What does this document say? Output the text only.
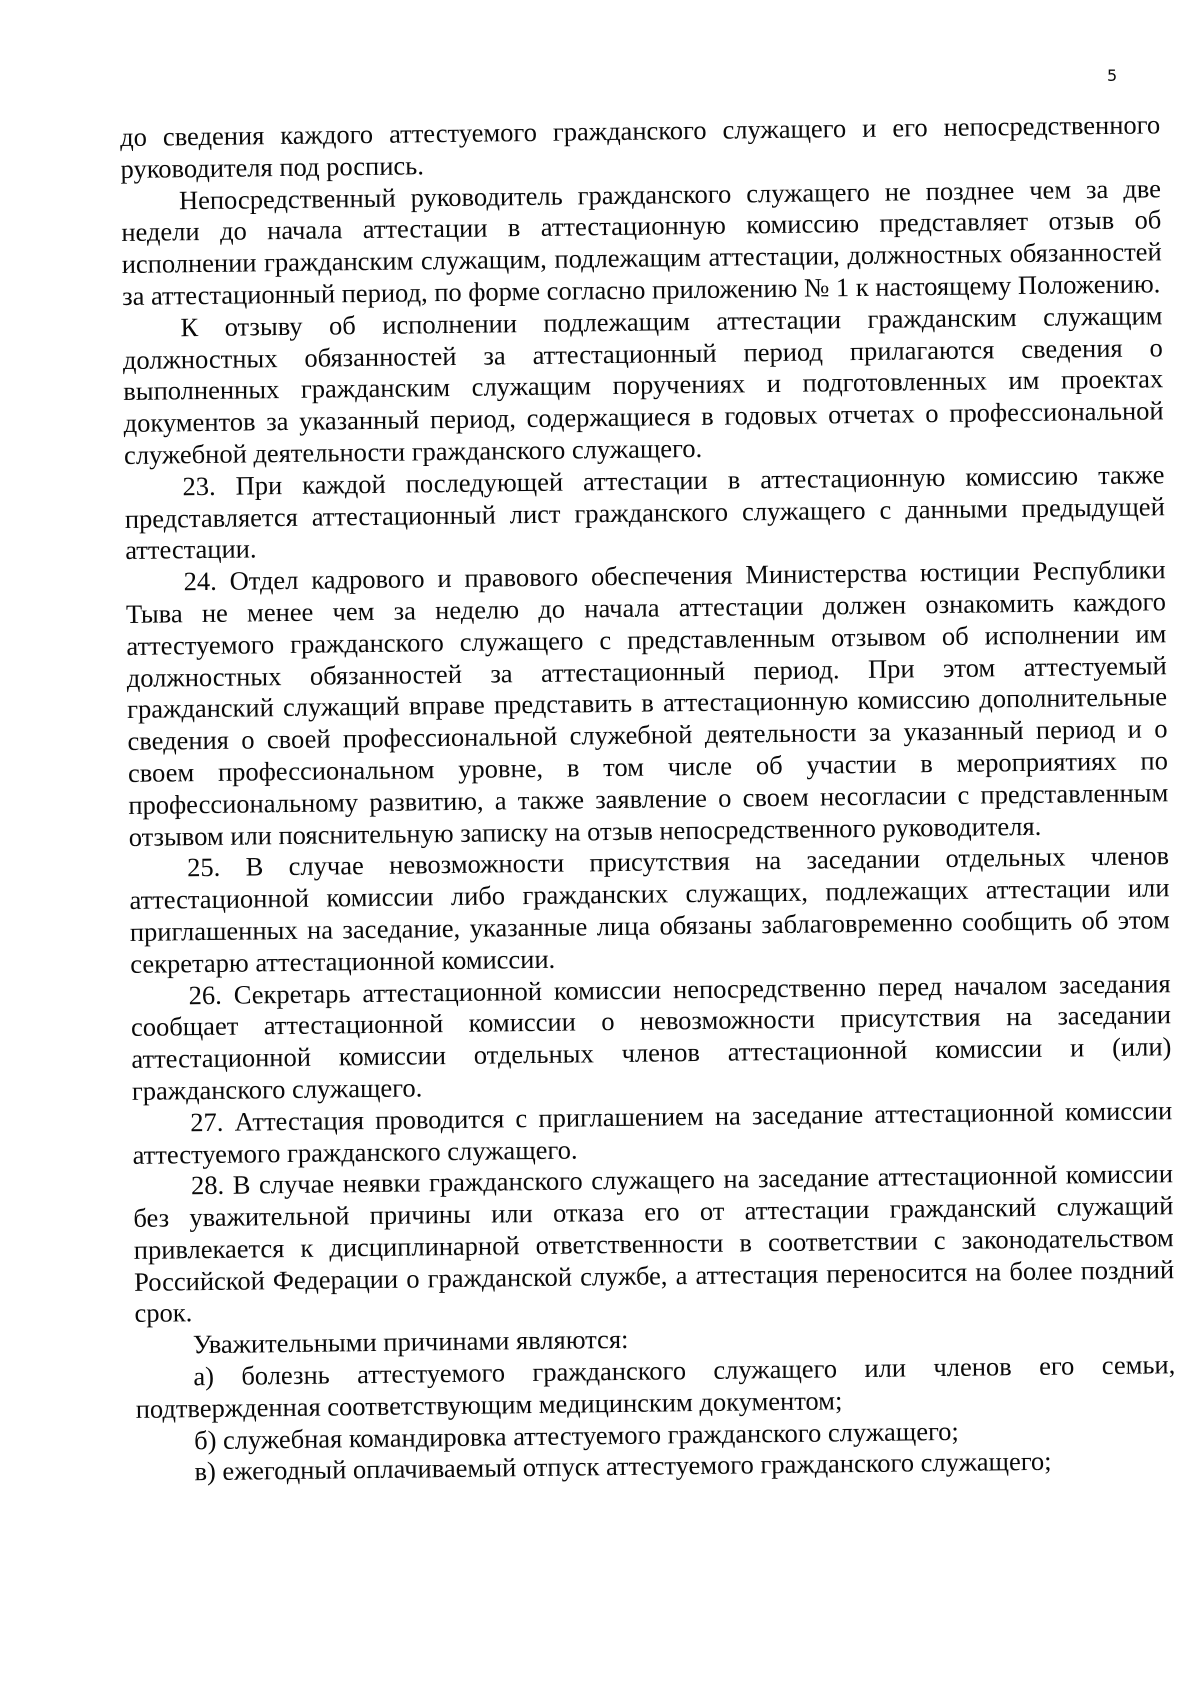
5

до сведения каждого аттестуемого гражданского служащего и его непосредственного руководителя под роспись.

Непосредственный руководитель гражданского служащего не позднее чем за две недели до начала аттестации в аттестационную комиссию представляет отзыв об исполнении гражданским служащим, подлежащим аттестации, должностных обязанностей за аттестационный период, по форме согласно приложению № 1 к настоящему Положению.

К отзыву об исполнении подлежащим аттестации гражданским служащим должностных обязанностей за аттестационный период прилагаются сведения о выполненных гражданским служащим поручениях и подготовленных им проектах документов за указанный период, содержащиеся в годовых отчетах о профессиональной служебной деятельности гражданского служащего.

23. При каждой последующей аттестации в аттестационную комиссию также представляется аттестационный лист гражданского служащего с данными предыдущей аттестации.

24. Отдел кадрового и правового обеспечения Министерства юстиции Республики Тыва не менее чем за неделю до начала аттестации должен ознакомить каждого аттестуемого гражданского служащего с представленным отзывом об исполнении им должностных обязанностей за аттестационный период. При этом аттестуемый гражданский служащий вправе представить в аттестационную комиссию дополнительные сведения о своей профессиональной служебной деятельности за указанный период и о своем профессиональном уровне, в том числе об участии в мероприятиях по профессиональному развитию, а также заявление о своем несогласии с представленным отзывом или пояснительную записку на отзыв непосредственного руководителя.

25. В случае невозможности присутствия на заседании отдельных членов аттестационной комиссии либо гражданских служащих, подлежащих аттестации или приглашенных на заседание, указанные лица обязаны заблаговременно сообщить об этом секретарю аттестационной комиссии.

26. Секретарь аттестационной комиссии непосредственно перед началом заседания сообщает аттестационной комиссии о невозможности присутствия на заседании аттестационной комиссии отдельных членов аттестационной комиссии и (или) гражданского служащего.

27. Аттестация проводится с приглашением на заседание аттестационной комиссии аттестуемого гражданского служащего.

28. В случае неявки гражданского служащего на заседание аттестационной комиссии без уважительной причины или отказа его от аттестации гражданский служащий привлекается к дисциплинарной ответственности в соответствии с законодательством Российской Федерации о гражданской службе, а аттестация переносится на более поздний срок.

Уважительными причинами являются:

а) болезнь аттестуемого гражданского служащего или членов его семьи, подтвержденная соответствующим медицинским документом;

б) служебная командировка аттестуемого гражданского служащего;

в) ежегодный оплачиваемый отпуск аттестуемого гражданского служащего;
